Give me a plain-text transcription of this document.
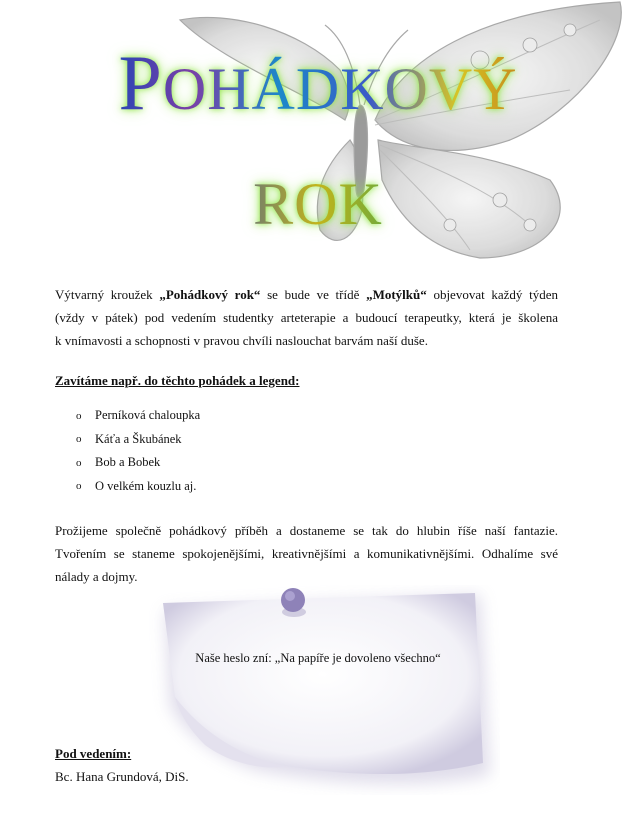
POHÁDKOVÝ
ROK
Výtvarný kroužek „Pohádkový rok“ se bude ve třídě „Motýlků“ objevovat každý týden
(vždy v pátek) pod vedením studentky arteterapie a budoucí terapeutky, která je školena
k vnímavosti a schopnosti v pravou chvíli naslouchat barvám naší duše.
Zavítáme např. do těchto pohádek a legend:
o	Perníková chaloupka
o	Káťa a Škubánek
o	Bob a Bobek
o	O velkém kouzlu aj.
Prožijeme společně pohádkový příběh a dostaneme se tak do hlubin říše naší fantazie.
Tvořením se staneme spokojenějšími, kreativnějšími a komunikativnějšími. Odhalíme své
nálady a dojmy.
Naše heslo zní: „Na papíře je dovoleno všechno“
Pod vedením:
Bc. Hana Grundová, DiS.
